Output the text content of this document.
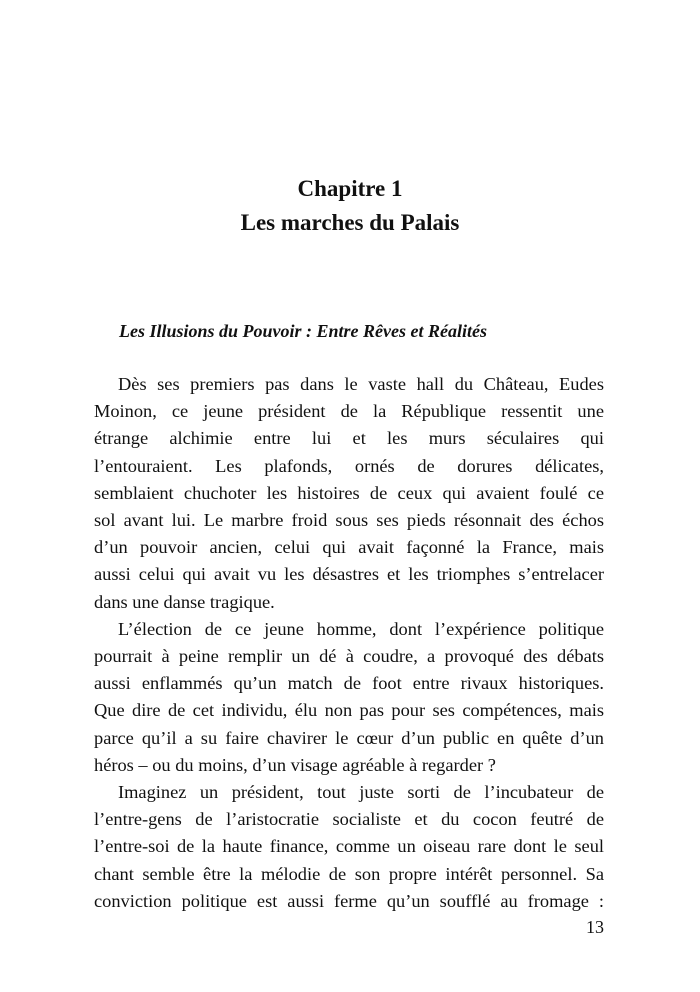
Chapitre 1
Les marches du Palais
Les Illusions du Pouvoir : Entre Rêves et Réalités

Dès ses premiers pas dans le vaste hall du Château, Eudes
Moinon, ce jeune président de la République ressentit une
étrange alchimie entre lui et les murs séculaires qui
l’entouraient. Les plafonds, ornés de dorures délicates,
semblaient chuchoter les histoires de ceux qui avaient foulé ce
sol avant lui. Le marbre froid sous ses pieds résonnait des échos
d’un pouvoir ancien, celui qui avait façonné la France, mais
aussi celui qui avait vu les désastres et les triomphes s’entrelacer
dans une danse tragique.

L’élection de ce jeune homme, dont l’expérience politique
pourrait à peine remplir un dé à coudre, a provoqué des débats
aussi enflammés qu’un match de foot entre rivaux historiques.
Que dire de cet individu, élu non pas pour ses compétences, mais
parce qu’il a su faire chavirer le cœur d’un public en quête d’un
héros – ou du moins, d’un visage agréable à regarder ?

Imaginez un président, tout juste sorti de l’incubateur de
l’entre-gens de l’aristocratie socialiste et du cocon feutré de
l’entre-soi de la haute finance, comme un oiseau rare dont le seul
chant semble être la mélodie de son propre intérêt personnel. Sa
conviction politique est aussi ferme qu’un soufflé au fromage :

13
